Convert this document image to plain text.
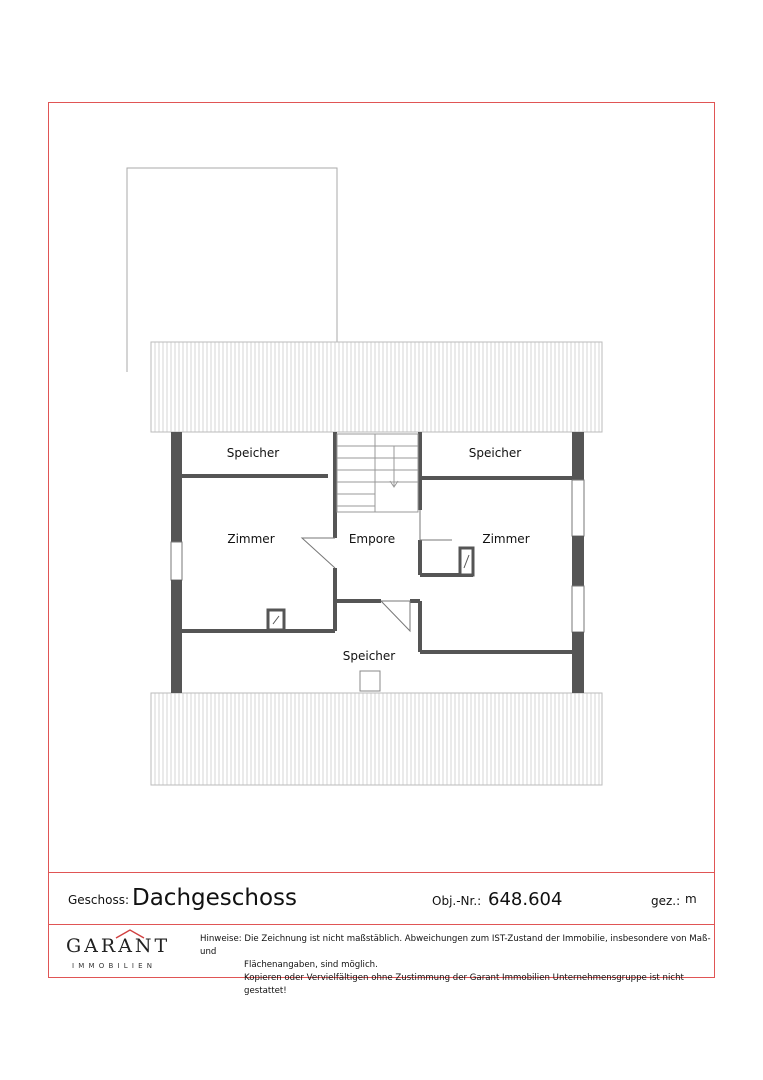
Speicher	Speicher
Zimmer	Empore	Zimmer
Speicher
Geschoss: Dachgeschoss	Obj.-Nr.: 648.604	gez.: m
GARANT
IMMOBILIEN
Hinweise: Die Zeichnung ist nicht maßstäblich. Abweichungen zum IST-Zustand der Immobilie, insbesondere von Maß- und
Flächenangaben, sind möglich.
Kopieren oder Vervielfältigen ohne Zustimmung der Garant Immobilien Unternehmensgruppe ist nicht gestattet!
